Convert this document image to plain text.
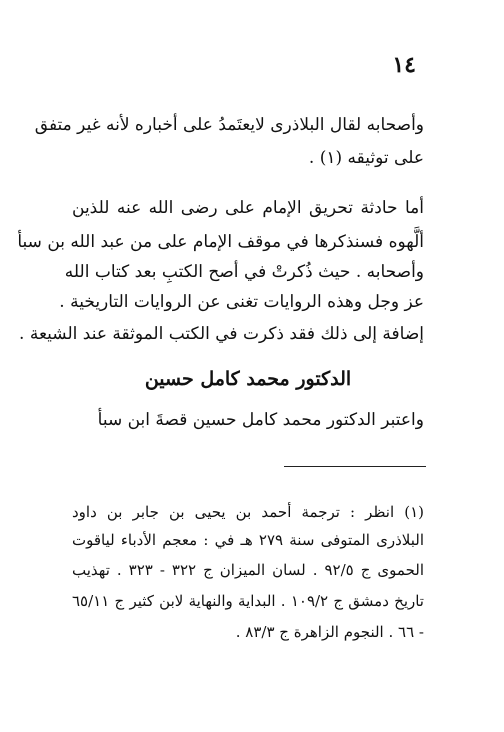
١٤
وأصحابه لقال البلاذرى لايعتَمدُ على أخباره لأنه غير متفق
على توثيقه (١) .
أما حادثة تحريق الإمام على رضى الله عنه للذين
ألَّهوه فسنذكرها في موقف الإمام على من عبد الله بن سبأ
وأصحابه . حيث ذُكرتْ في أصح الكتبِ بعد كتاب الله
عز وجل وهذه الروايات تغنى عن الروايات التاريخية .
إضافة إلى ذلك فقد ذكرت في الكتب الموثقة عند الشيعة .
الدكتور محمد كامل حسين
واعتبر الدكتور محمد كامل حسين قصةَ ابن سبأ
(١) انظر : ترجمة أحمد بن يحيى بن جابر بن داود
البلاذرى المتوفى سنة ٢٧٩ هـ في : معجم الأدباء لياقوت
الحموى ج ٩٢/٥ . لسان الميزان ج ٣٢٢ - ٣٢٣ . تهذيب
تاريخ دمشق ج ١٠٩/٢ . البداية والنهاية لابن كثير ج ٦٥/١١
- ٦٦ . النجوم الزاهرة ج ٨٣/٣ .
